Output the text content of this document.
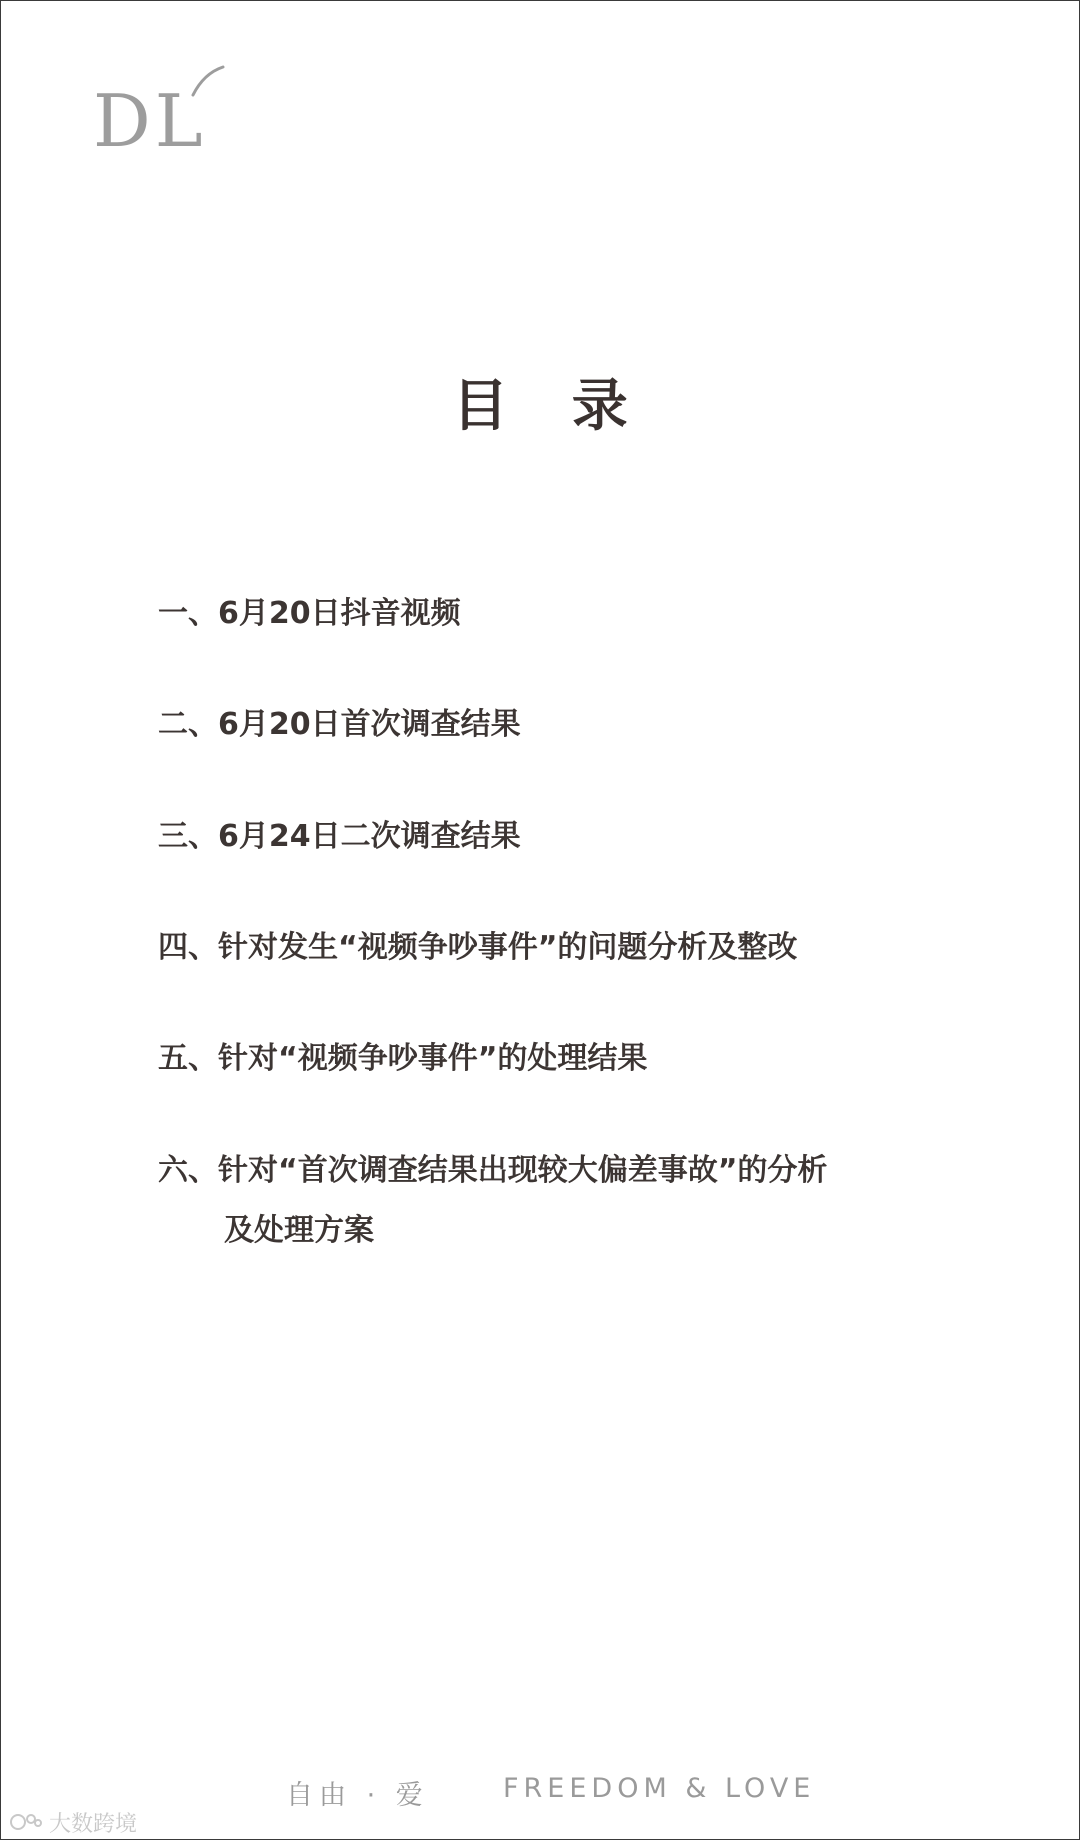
DL
目 录
一、6月20日抖音视频
二、6月20日首次调查结果
三、6月24日二次调查结果
四、针对发生“视频争吵事件”的问题分析及整改
五、针对“视频争吵事件”的处理结果
六、针对“首次调查结果出现较大偏差事故”的分析
及处理方案
自由 · 爱	FREEDOM & LOVE
大数跨境
